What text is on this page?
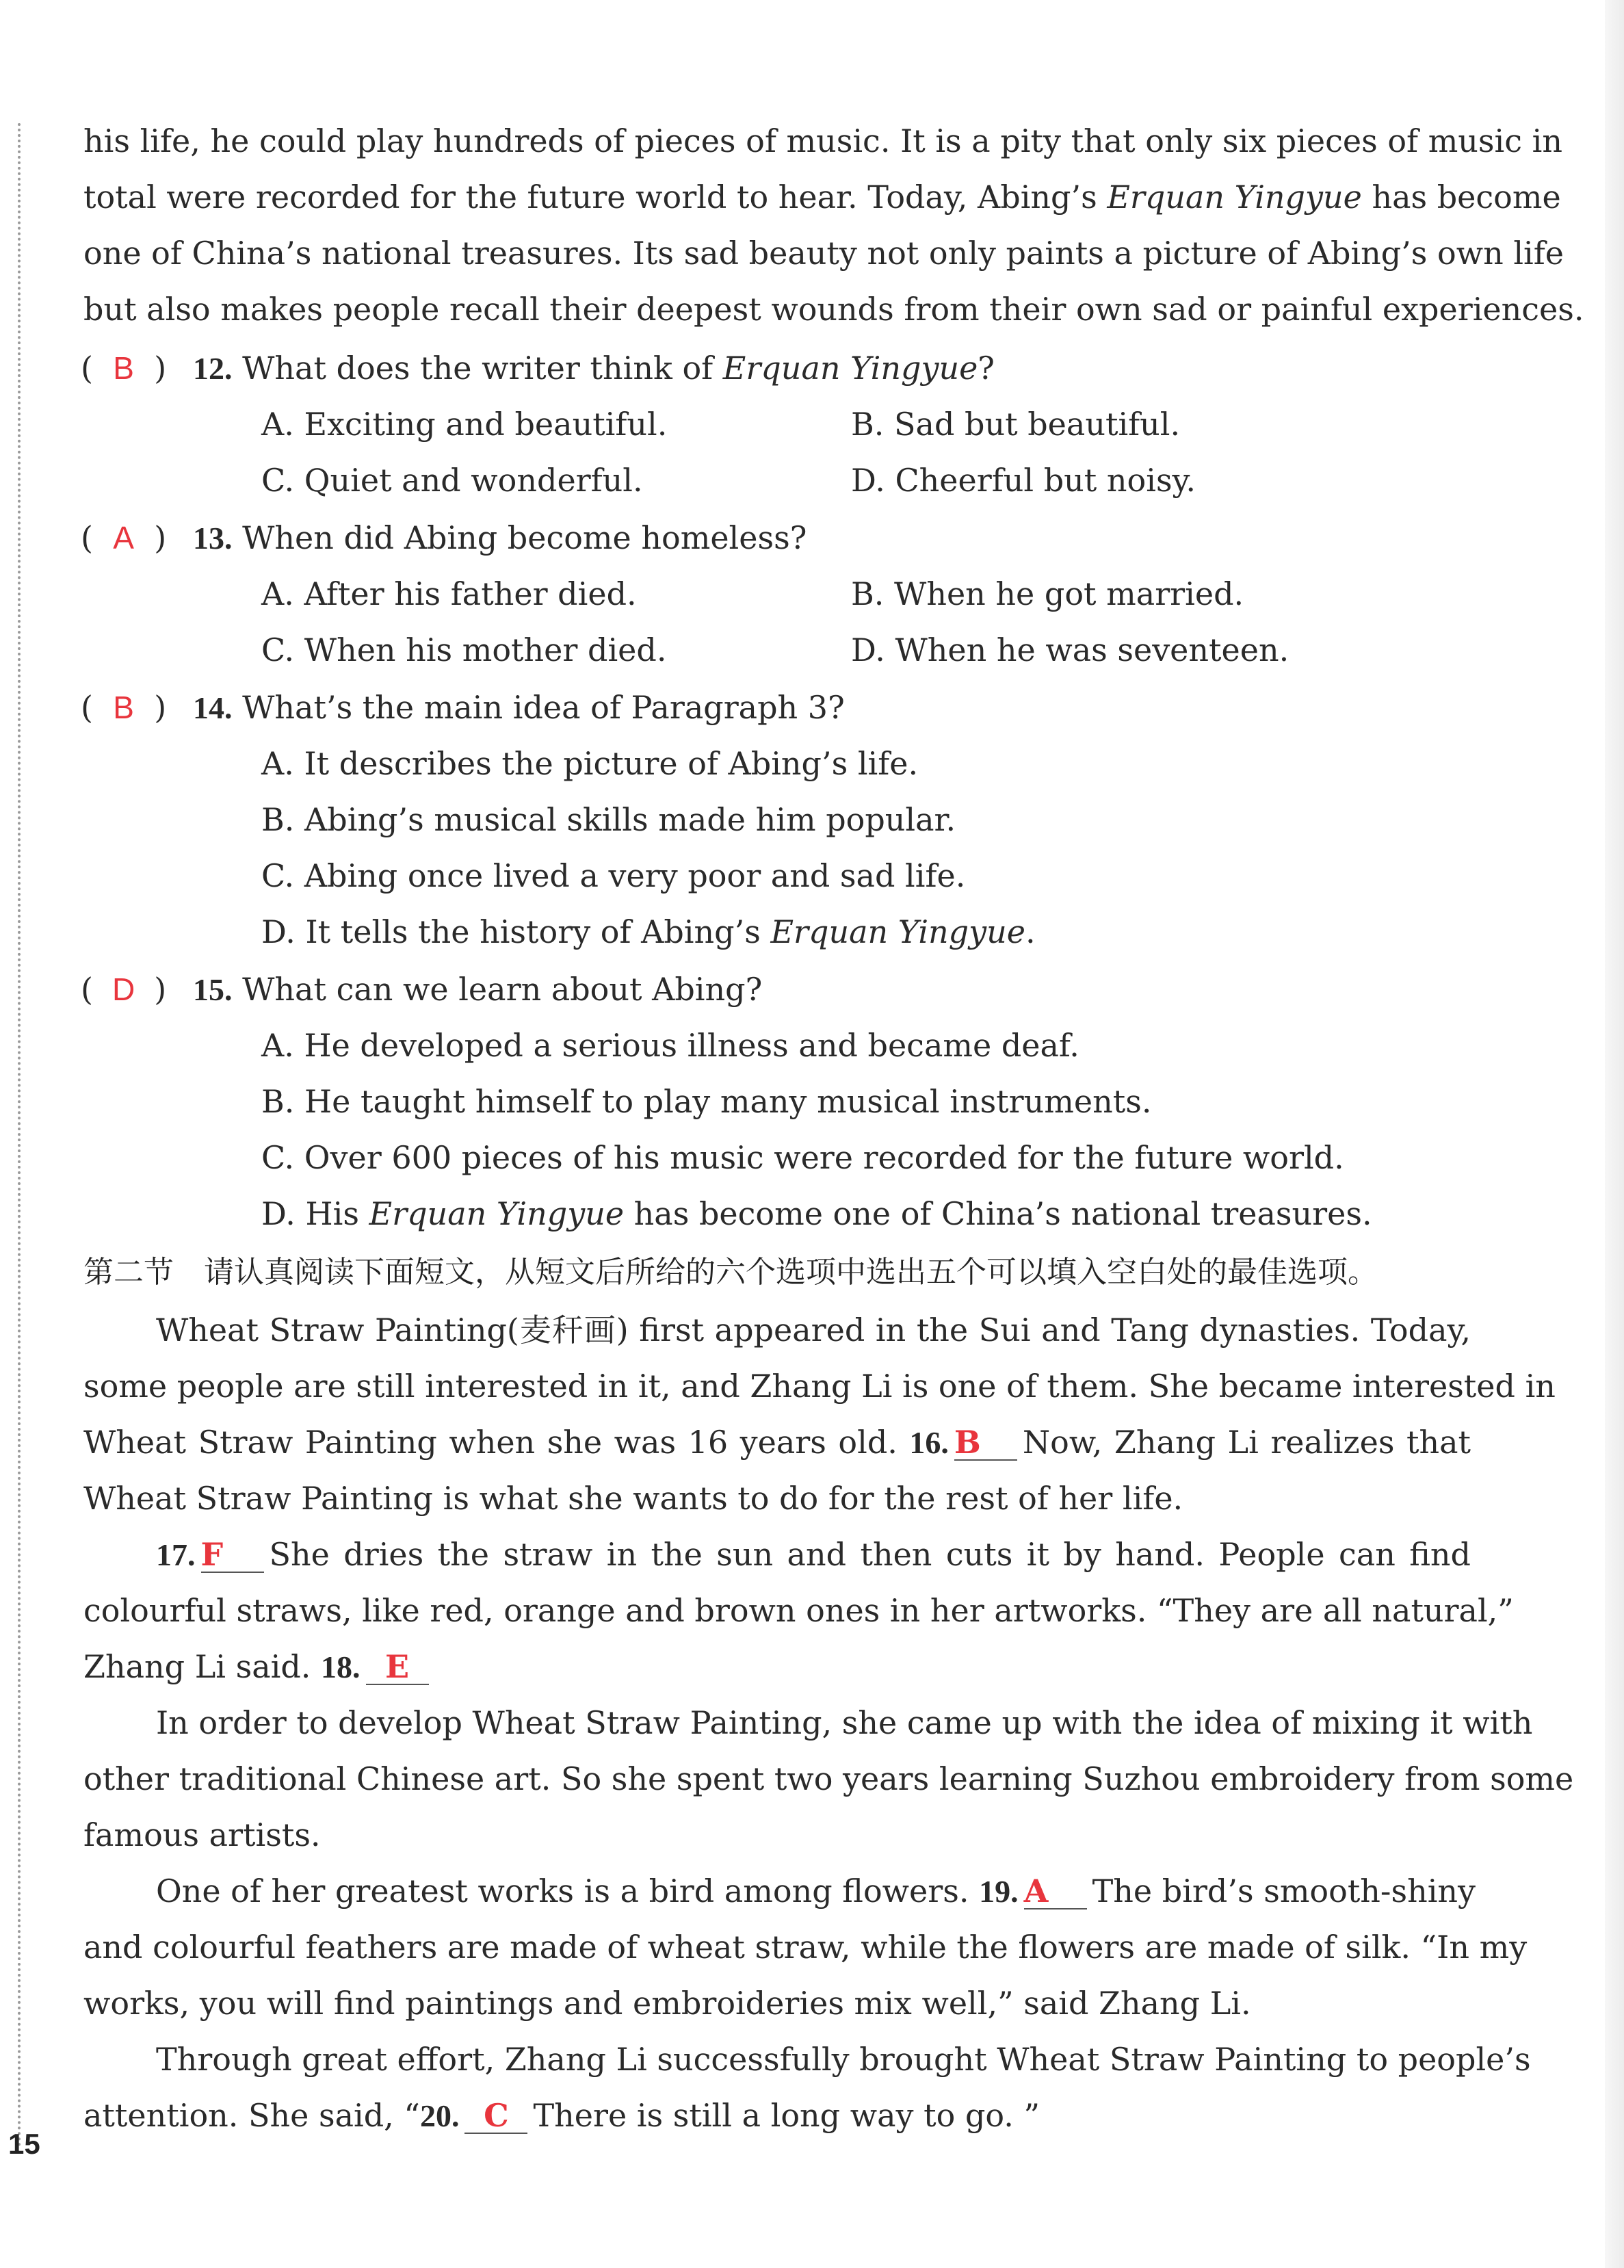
his life, he could play hundreds of pieces of music. It is a pity that only six pieces of music in
total were recorded for the future world to hear. Today, Abing’s Erquan Yingyue has become
one of China’s national treasures. Its sad beauty not only paints a picture of Abing’s own life
but also makes people recall their deepest wounds from their own sad or painful experiences.
( B ) 12. What does the writer think of Erquan Yingyue?
A. Exciting and beautiful.	B. Sad but beautiful.
C. Quiet and wonderful.	D. Cheerful but noisy.
( A ) 13. When did Abing become homeless?
A. After his father died.	B. When he got married.
C. When his mother died.	D. When he was seventeen.
( B ) 14. What’s the main idea of Paragraph 3?
A. It describes the picture of Abing’s life.
B. Abing’s musical skills made him popular.
C. Abing once lived a very poor and sad life.
D. It tells the history of Abing’s Erquan Yingyue.
( D ) 15. What can we learn about Abing?
A. He developed a serious illness and became deaf.
B. He taught himself to play many musical instruments.
C. Over 600 pieces of his music were recorded for the future world.
D. His Erquan Yingyue has become one of China’s national treasures.
第二节　请认真阅读下面短文，从短文后所给的六个选项中选出五个可以填入空白处的最佳选项。
Wheat Straw Painting(麦秆画) first appeared in the Sui and Tang dynasties. Today,
some people are still interested in it, and Zhang Li is one of them. She became interested in
Wheat Straw Painting when she was 16 years old. 16. B Now, Zhang Li realizes that
Wheat Straw Painting is what she wants to do for the rest of her life.
17. F She dries the straw in the sun and then cuts it by hand. People can find
colourful straws, like red, orange and brown ones in her artworks. “They are all natural,”
Zhang Li said. 18. E
In order to develop Wheat Straw Painting, she came up with the idea of mixing it with
other traditional Chinese art. So she spent two years learning Suzhou embroidery from some
famous artists.
One of her greatest works is a bird among flowers. 19. A The bird’s smooth-shiny
and colourful feathers are made of wheat straw, while the flowers are made of silk. “In my
works, you will find paintings and embroideries mix well,” said Zhang Li.
Through great effort, Zhang Li successfully brought Wheat Straw Painting to people’s
attention. She said, “20. C There is still a long way to go. ”
15
